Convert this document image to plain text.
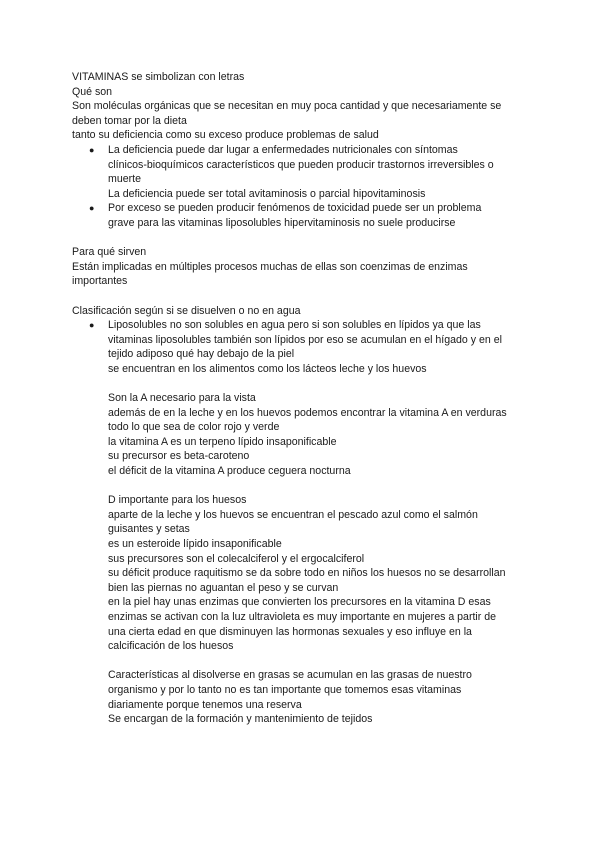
VITAMINAS se simbolizan con letras
Qué son
Son moléculas orgánicas que se necesitan en muy poca cantidad y que necesariamente se
deben tomar por la dieta
tanto su deficiencia como su exceso produce problemas de salud
● La deficiencia puede dar lugar a enfermedades nutricionales con síntomas
clínicos-bioquímicos característicos que pueden producir trastornos irreversibles o
muerte
La deficiencia puede ser total avitaminosis o parcial hipovitaminosis
● Por exceso se pueden producir fenómenos de toxicidad puede ser un problema
grave para las vitaminas liposolubles hipervitaminosis no suele producirse
Para qué sirven
Están implicadas en múltiples procesos muchas de ellas son coenzimas de enzimas
importantes
Clasificación según si se disuelven o no en agua
● Liposolubles no son solubles en agua pero si son solubles en lípidos ya que las
vitaminas liposolubles también son lípidos por eso se acumulan en el hígado y en el
tejido adiposo qué hay debajo de la piel
se encuentran en los alimentos como los lácteos leche y los huevos
Son la A necesario para la vista
además de en la leche y en los huevos podemos encontrar la vitamina A en verduras
todo lo que sea de color rojo y verde
la vitamina A es un terpeno lípido insaponificable
su precursor es beta-caroteno
el déficit de la vitamina A produce ceguera nocturna
D importante para los huesos
aparte de la leche y los huevos se encuentran el pescado azul como el salmón
guisantes y setas
es un esteroide lípido insaponificable
sus precursores son el colecalciferol y el ergocalciferol
su déficit produce raquitismo se da sobre todo en niños los huesos no se desarrollan
bien las piernas no aguantan el peso y se curvan
en la piel hay unas enzimas que convierten los precursores en la vitamina D esas
enzimas se activan con la luz ultravioleta es muy importante en mujeres a partir de
una cierta edad en que disminuyen las hormonas sexuales y eso influye en la
calcificación de los huesos
Características al disolverse en grasas se acumulan en las grasas de nuestro
organismo y por lo tanto no es tan importante que tomemos esas vitaminas
diariamente porque tenemos una reserva
Se encargan de la formación y mantenimiento de tejidos
